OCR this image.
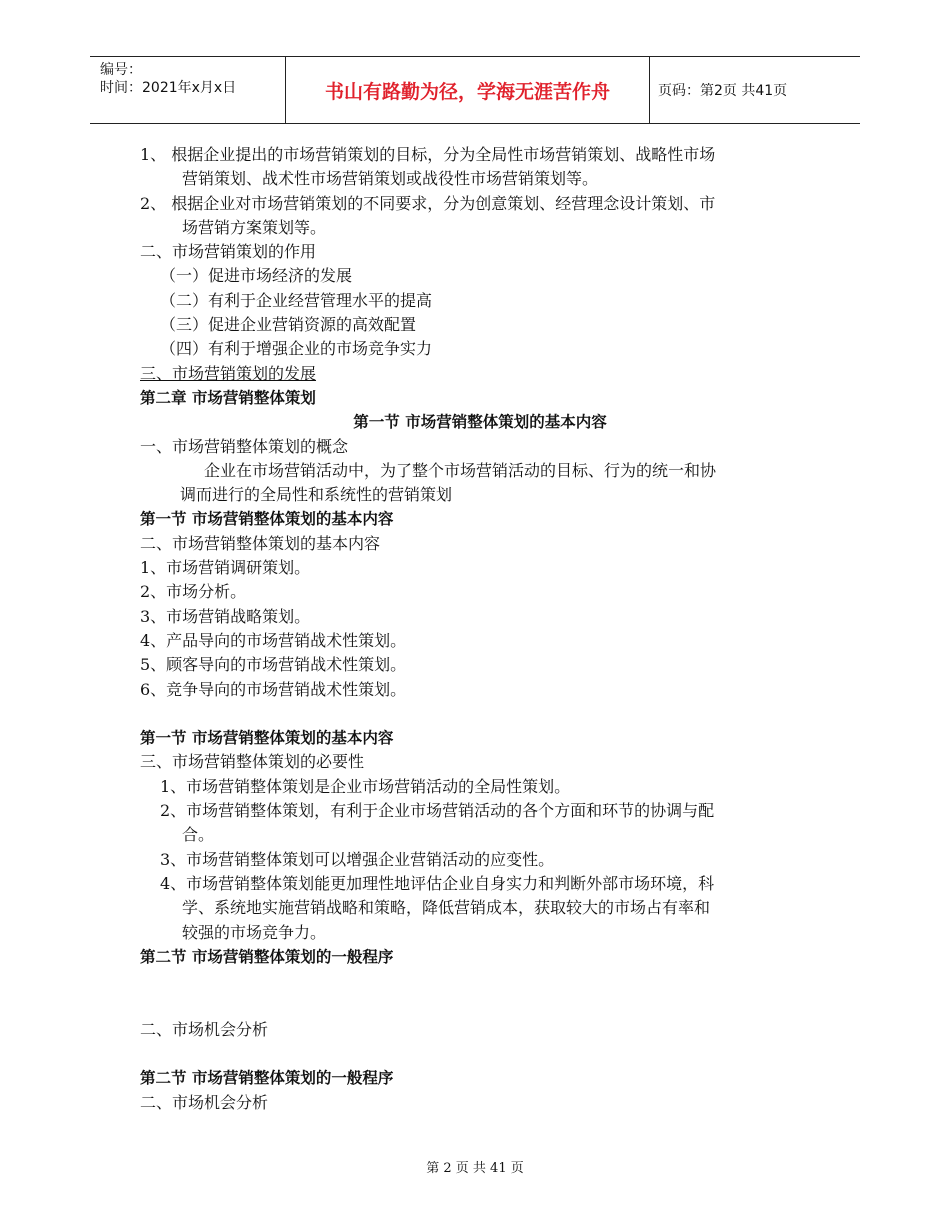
编号：
时间：2021年x月x日	书山有路勤为径，学海无涯苦作舟	页码：第2页 共41页
1、 根据企业提出的市场营销策划的目标，分为全局性市场营销策划、战略性市场
营销策划、战术性市场营销策划或战役性市场营销策划等。
2、 根据企业对市场营销策划的不同要求，分为创意策划、经营理念设计策划、市
场营销方案策划等。
二、市场营销策划的作用
（一）促进市场经济的发展
（二）有利于企业经营管理水平的提高
（三）促进企业营销资源的高效配置
（四）有利于增强企业的市场竞争实力
三、市场营销策划的发展
第二章 市场营销整体策划
第一节 市场营销整体策划的基本内容
一、市场营销整体策划的概念
企业在市场营销活动中，为了整个市场营销活动的目标、行为的统一和协
调而进行的全局性和系统性的营销策划
第一节 市场营销整体策划的基本内容
二、市场营销整体策划的基本内容
1、市场营销调研策划。
2、市场分析。
3、市场营销战略策划。
4、产品导向的市场营销战术性策划。
5、顾客导向的市场营销战术性策划。
6、竞争导向的市场营销战术性策划。
第一节 市场营销整体策划的基本内容
三、市场营销整体策划的必要性
1、市场营销整体策划是企业市场营销活动的全局性策划。
2、市场营销整体策划，有利于企业市场营销活动的各个方面和环节的协调与配
合。
3、市场营销整体策划可以增强企业营销活动的应变性。
4、市场营销整体策划能更加理性地评估企业自身实力和判断外部市场环境，科
学、系统地实施营销战略和策略，降低营销成本，获取较大的市场占有率和
较强的市场竞争力。
第二节 市场营销整体策划的一般程序
二、市场机会分析
第二节 市场营销整体策划的一般程序
二、市场机会分析
第 2 页 共 41 页
